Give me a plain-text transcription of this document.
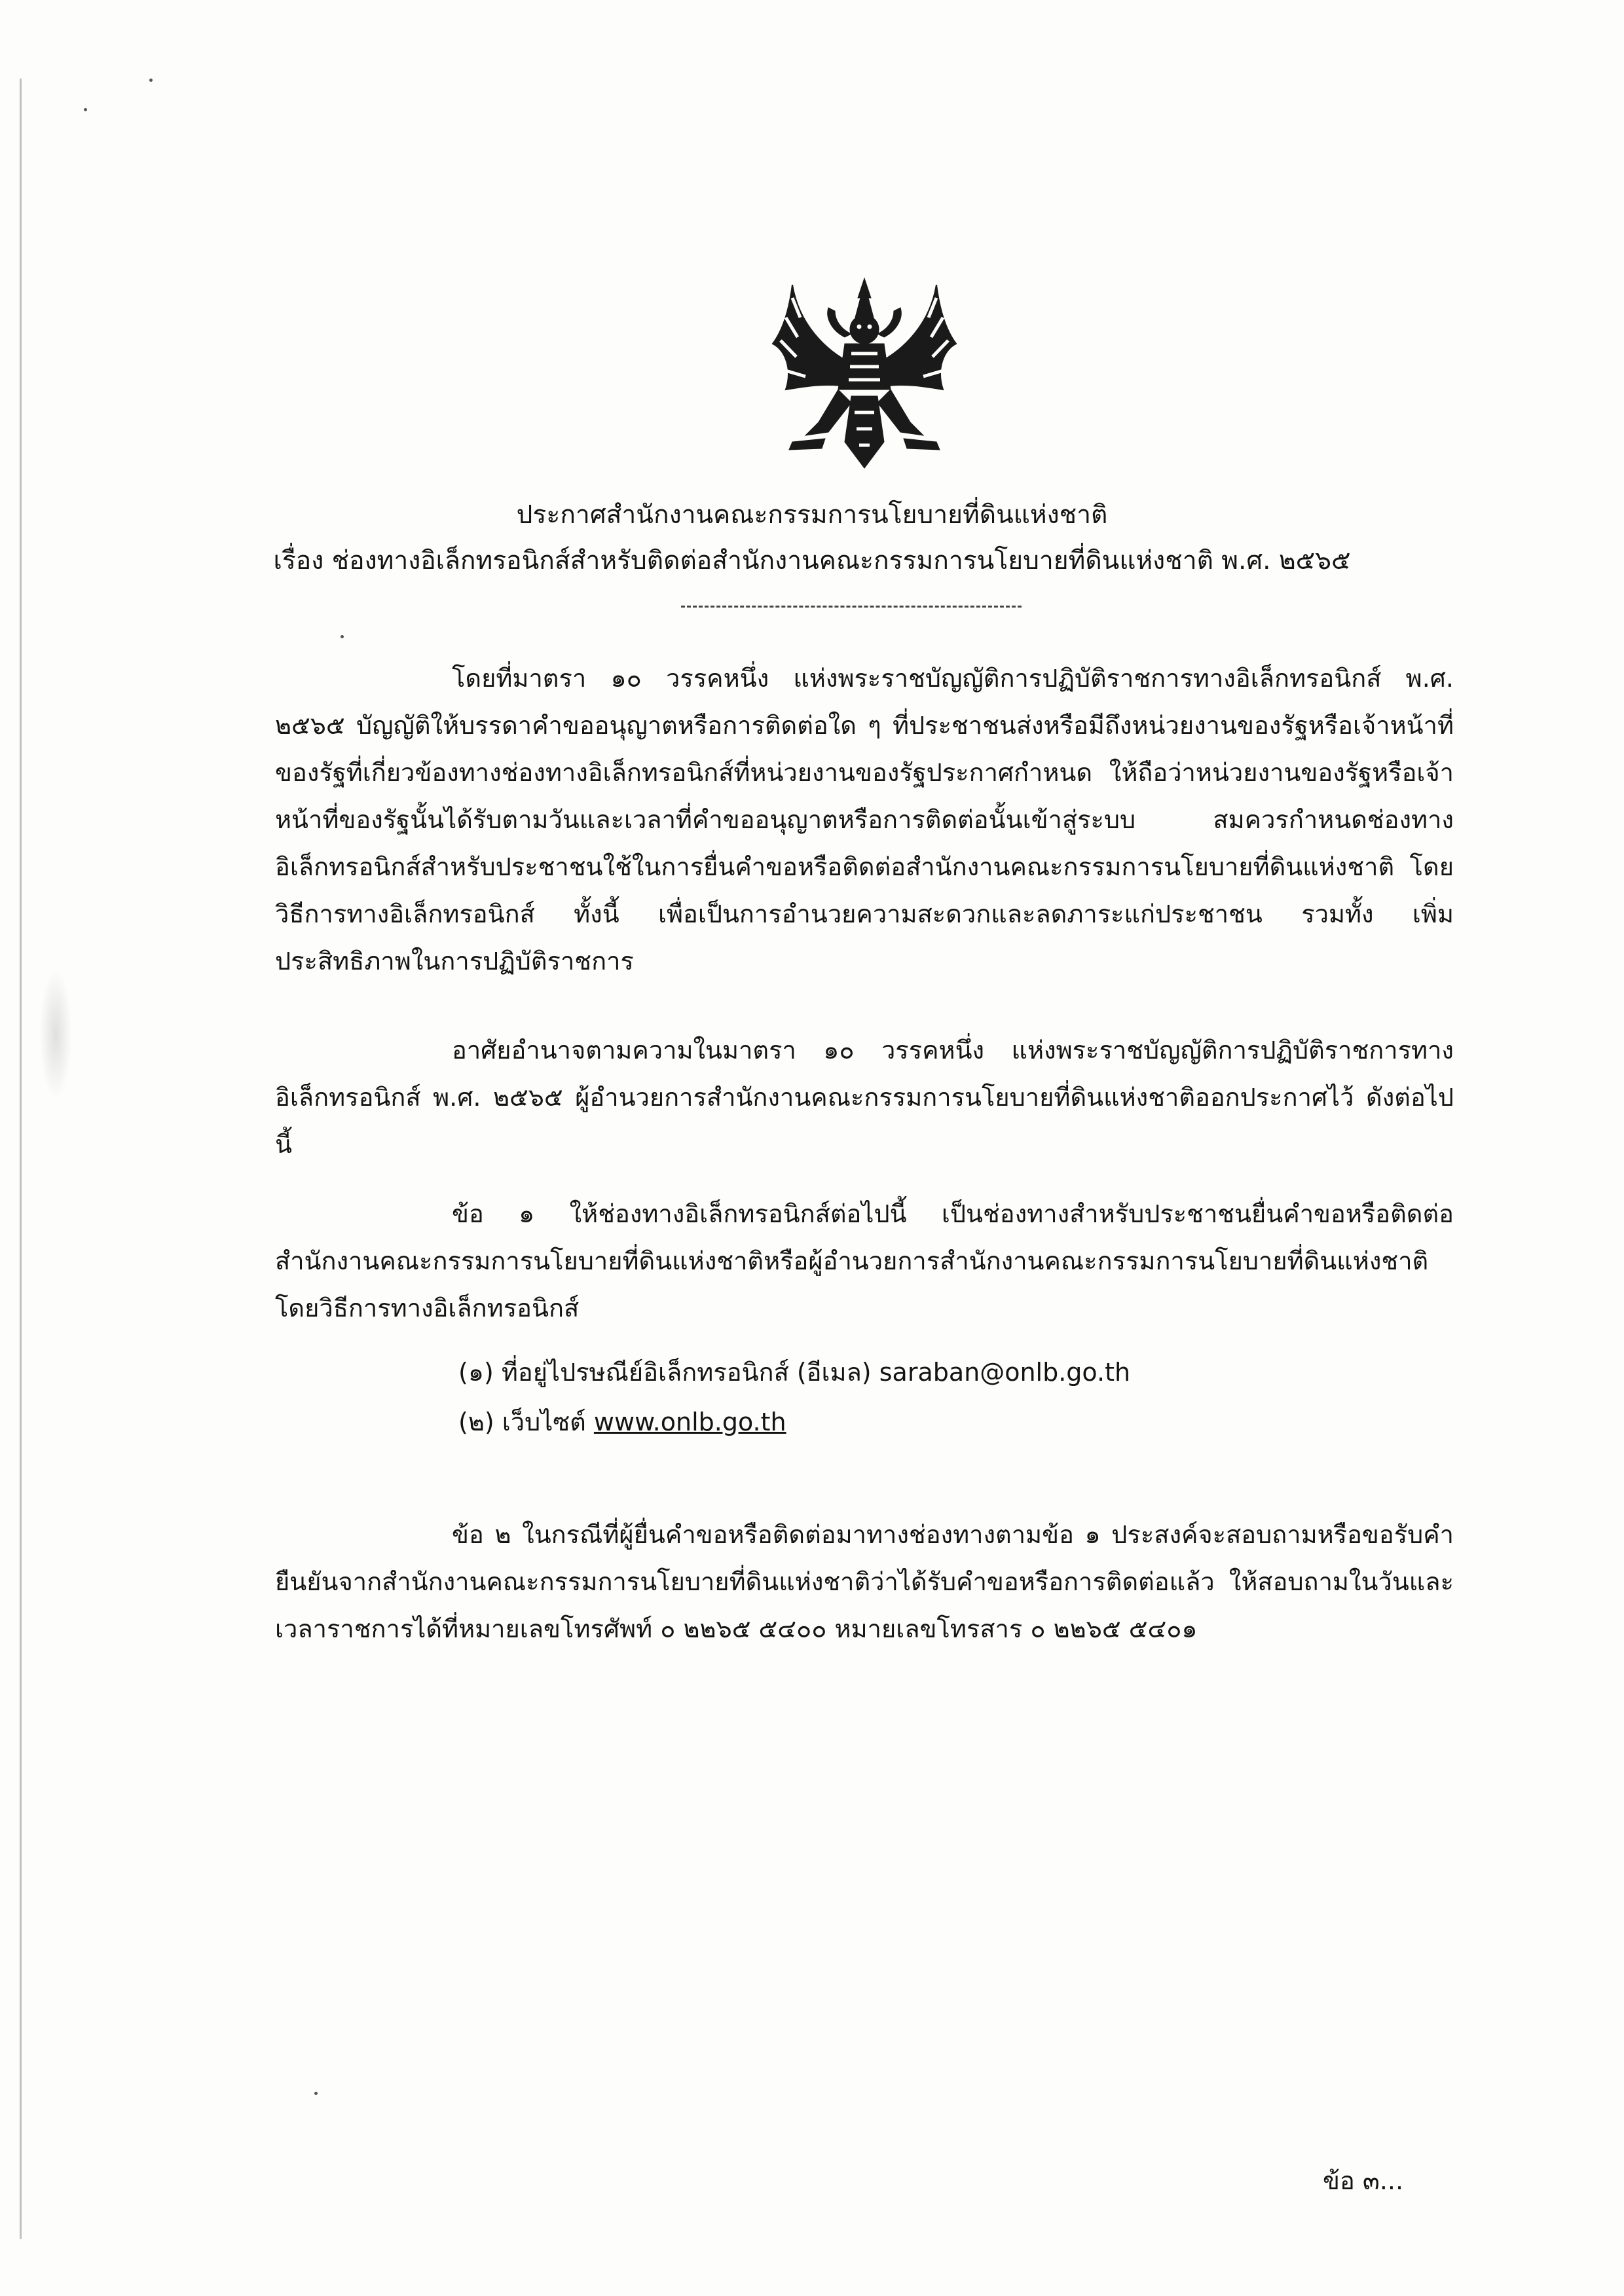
ประกาศสำนักงานคณะกรรมการนโยบายที่ดินแห่งชาติ
เรื่อง ช่องทางอิเล็กทรอนิกส์สำหรับติดต่อสำนักงานคณะกรรมการนโยบายที่ดินแห่งชาติ พ.ศ. ๒๕๖๕
โดยที่มาตรา ๑๐ วรรคหนึ่ง แห่งพระราชบัญญัติการปฏิบัติราชการทางอิเล็กทรอนิกส์ พ.ศ. ๒๕๖๕ บัญญัติให้บรรดาคำขออนุญาตหรือการติดต่อใด ๆ ที่ประชาชนส่งหรือมีถึงหน่วยงานของรัฐหรือเจ้าหน้าที่ของรัฐที่เกี่ยวข้องทางช่องทางอิเล็กทรอนิกส์ที่หน่วยงานของรัฐประกาศกำหนด ให้ถือว่าหน่วยงานของรัฐหรือเจ้าหน้าที่ของรัฐนั้นได้รับตามวันและเวลาที่คำขออนุญาตหรือการติดต่อนั้นเข้าสู่ระบบ สมควรกำหนดช่องทางอิเล็กทรอนิกส์สำหรับประชาชนใช้ในการยื่นคำขอหรือติดต่อสำนักงานคณะกรรมการนโยบายที่ดินแห่งชาติ โดยวิธีการทางอิเล็กทรอนิกส์ ทั้งนี้ เพื่อเป็นการอำนวยความสะดวกและลดภาระแก่ประชาชน รวมทั้ง เพิ่มประสิทธิภาพในการปฏิบัติราชการ
อาศัยอำนาจตามความในมาตรา ๑๐ วรรคหนึ่ง แห่งพระราชบัญญัติการปฏิบัติราชการทางอิเล็กทรอนิกส์ พ.ศ. ๒๕๖๕ ผู้อำนวยการสำนักงานคณะกรรมการนโยบายที่ดินแห่งชาติออกประกาศไว้ ดังต่อไปนี้
ข้อ ๑ ให้ช่องทางอิเล็กทรอนิกส์ต่อไปนี้ เป็นช่องทางสำหรับประชาชนยื่นคำขอหรือติดต่อสำนักงานคณะกรรมการนโยบายที่ดินแห่งชาติหรือผู้อำนวยการสำนักงานคณะกรรมการนโยบายที่ดินแห่งชาติโดยวิธีการทางอิเล็กทรอนิกส์
(๑) ที่อยู่ไปรษณีย์อิเล็กทรอนิกส์ (อีเมล) saraban@onlb.go.th
(๒) เว็บไซต์ www.onlb.go.th
ข้อ ๒ ในกรณีที่ผู้ยื่นคำขอหรือติดต่อมาทางช่องทางตามข้อ ๑ ประสงค์จะสอบถามหรือขอรับคำยืนยันจากสำนักงานคณะกรรมการนโยบายที่ดินแห่งชาติว่าได้รับคำขอหรือการติดต่อแล้ว ให้สอบถามในวันและเวลาราชการได้ที่หมายเลขโทรศัพท์ ๐ ๒๒๖๕ ๕๔๐๐ หมายเลขโทรสาร ๐ ๒๒๖๕ ๕๔๐๑
ข้อ ๓...
